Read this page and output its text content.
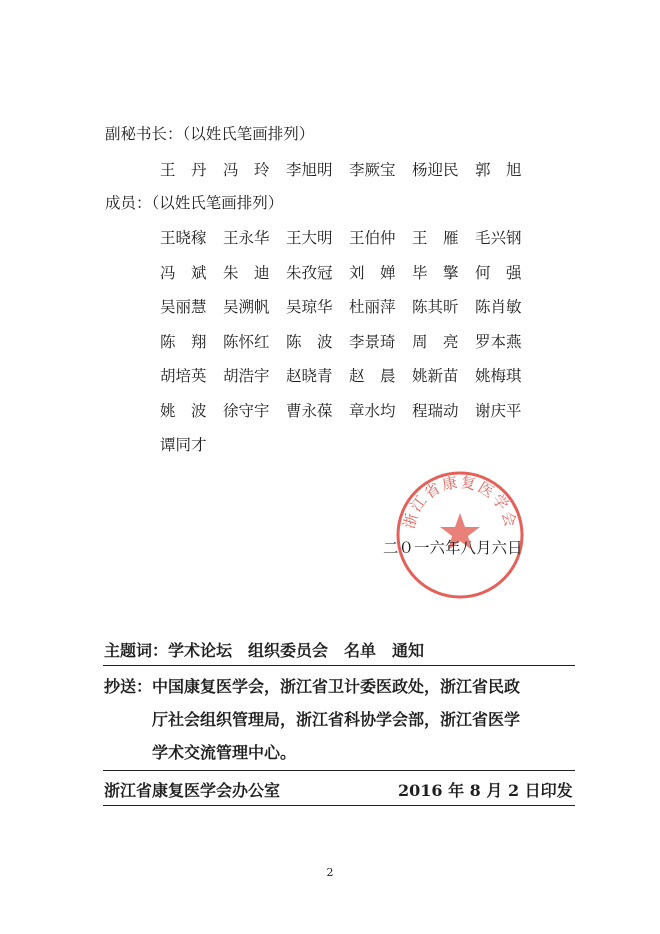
副秘书长：（以姓氏笔画排列）
王　丹 冯　玲 李旭明 李厥宝 杨迎民 郭　旭
成员：（以姓氏笔画排列）
王晓稼 王永华 王大明 王伯仲 王　雁 毛兴钢
冯　斌 朱　迪 朱孜冠 刘　婵 毕　擎 何　强
吴丽慧 吴溯帆 吴琼华 杜丽萍 陈其昕 陈肖敏
陈　翔 陈怀红 陈　波 李景琦 周　亮 罗本燕
胡培英 胡浩宇 赵晓青 赵　晨 姚新苗 姚梅琪
姚　波 徐守宇 曹永葆 章水均 程瑞动 谢庆平
谭同才
浙江省康复医学会
二０一六年八月六日
主题词：学术论坛　组织委员会　名单　通知
抄送：中国康复医学会，浙江省卫计委医政处，浙江省民政
厅社会组织管理局，浙江省科协学会部，浙江省医学
学术交流管理中心。
浙江省康复医学会办公室	2016 年 8 月 2 日印发
2
